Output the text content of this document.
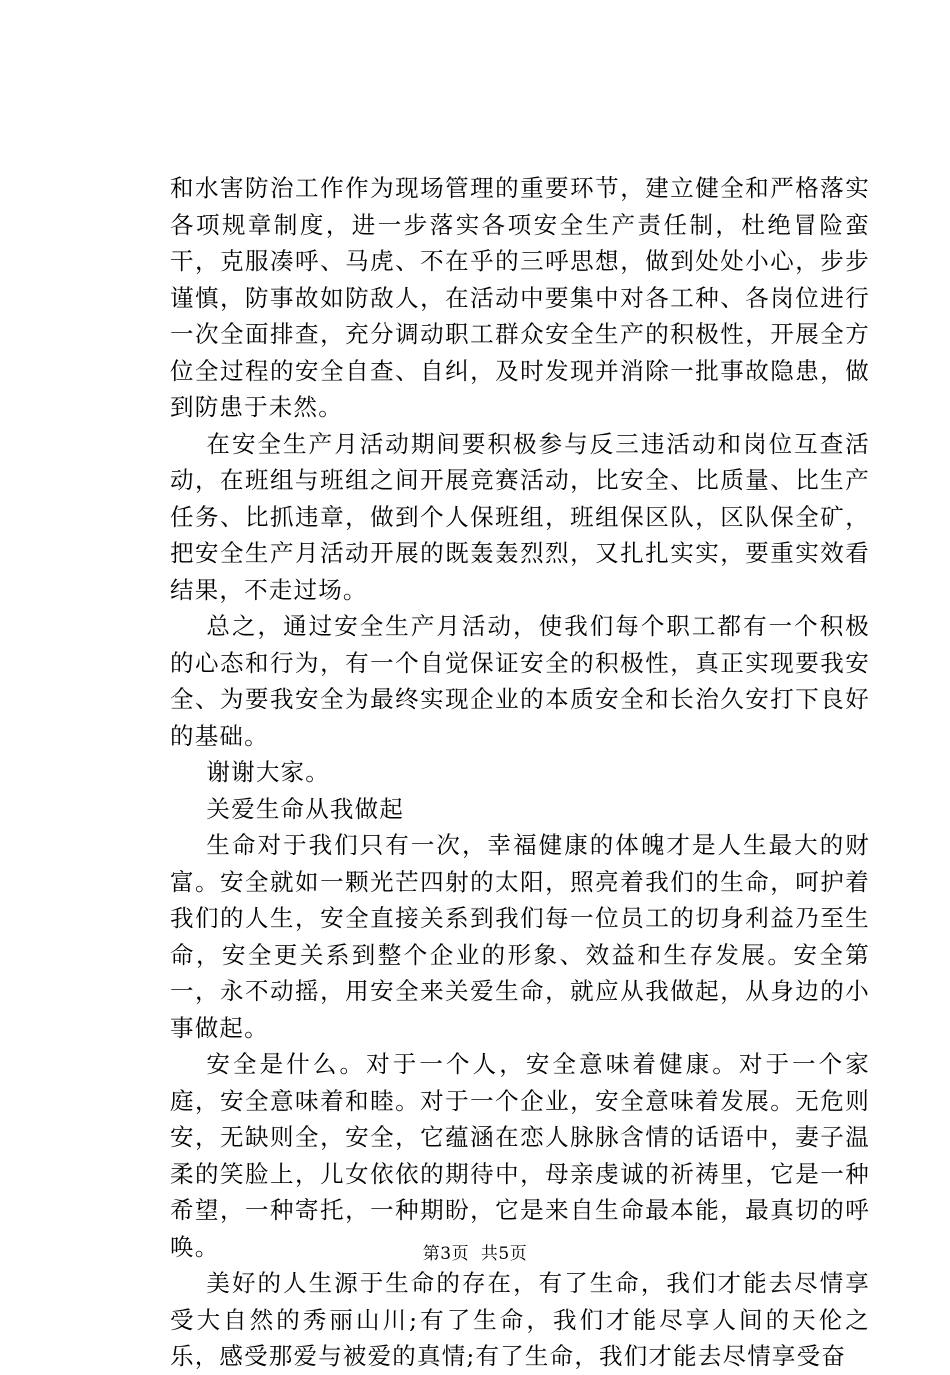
和水害防治工作作为现场管理的重要环节，建立健全和严格落实各项规章制度，进一步落实各项安全生产责任制，杜绝冒险蛮干，克服凑呼、马虎、不在乎的三呼思想，做到处处小心，步步谨慎，防事故如防敌人，在活动中要集中对各工种、各岗位进行一次全面排查，充分调动职工群众安全生产的积极性，开展全方位全过程的安全自查、自纠，及时发现并消除一批事故隐患，做到防患于未然。

在安全生产月活动期间要积极参与反三违活动和岗位互查活动，在班组与班组之间开展竞赛活动，比安全、比质量、比生产任务、比抓违章，做到个人保班组，班组保区队，区队保全矿，把安全生产月活动开展的既轰轰烈烈，又扎扎实实，要重实效看结果，不走过场。

总之，通过安全生产月活动，使我们每个职工都有一个积极的心态和行为，有一个自觉保证安全的积极性，真正实现要我安全、为要我安全为最终实现企业的本质安全和长治久安打下良好的基础。

谢谢大家。

关爱生命从我做起

生命对于我们只有一次，幸福健康的体魄才是人生最大的财富。安全就如一颗光芒四射的太阳，照亮着我们的生命，呵护着我们的人生，安全直接关系到我们每一位员工的切身利益乃至生命，安全更关系到整个企业的形象、效益和生存发展。安全第一，永不动摇，用安全来关爱生命，就应从我做起，从身边的小事做起。

安全是什么。对于一个人，安全意味着健康。对于一个家庭，安全意味着和睦。对于一个企业，安全意味着发展。无危则安，无缺则全，安全，它蕴涵在恋人脉脉含情的话语中，妻子温柔的笑脸上，儿女依依的期待中，母亲虔诚的祈祷里，它是一种希望，一种寄托，一种期盼，它是来自生命最本能，最真切的呼唤。

美好的人生源于生命的存在，有了生命，我们才能去尽情享受大自然的秀丽山川;有了生命，我们才能尽享人间的天伦之乐，感受那爱与被爱的真情;有了生命，我们才能去尽情享受奋

第3页 共5页
